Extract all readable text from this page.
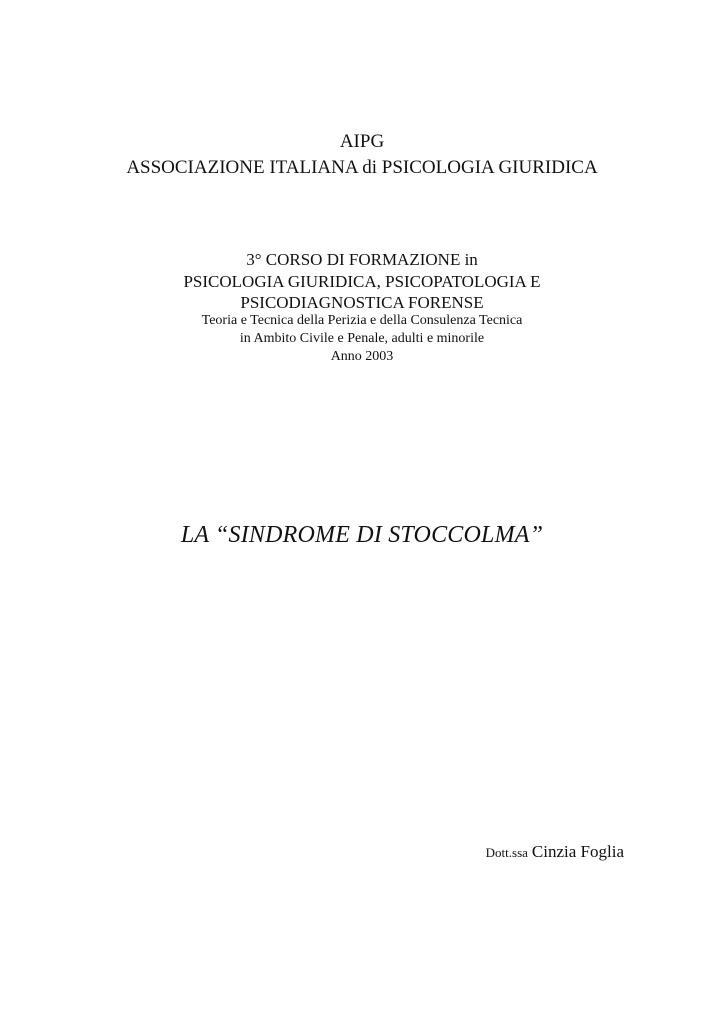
AIPG
ASSOCIAZIONE ITALIANA di PSICOLOGIA GIURIDICA
3° CORSO DI FORMAZIONE in
PSICOLOGIA GIURIDICA, PSICOPATOLOGIA E
PSICODIAGNOSTICA FORENSE
Teoria e Tecnica della Perizia e della Consulenza Tecnica
in Ambito Civile e Penale, adulti e minorile
Anno 2003
LA “SINDROME DI STOCCOLMA”
Dott.ssa Cinzia Foglia
